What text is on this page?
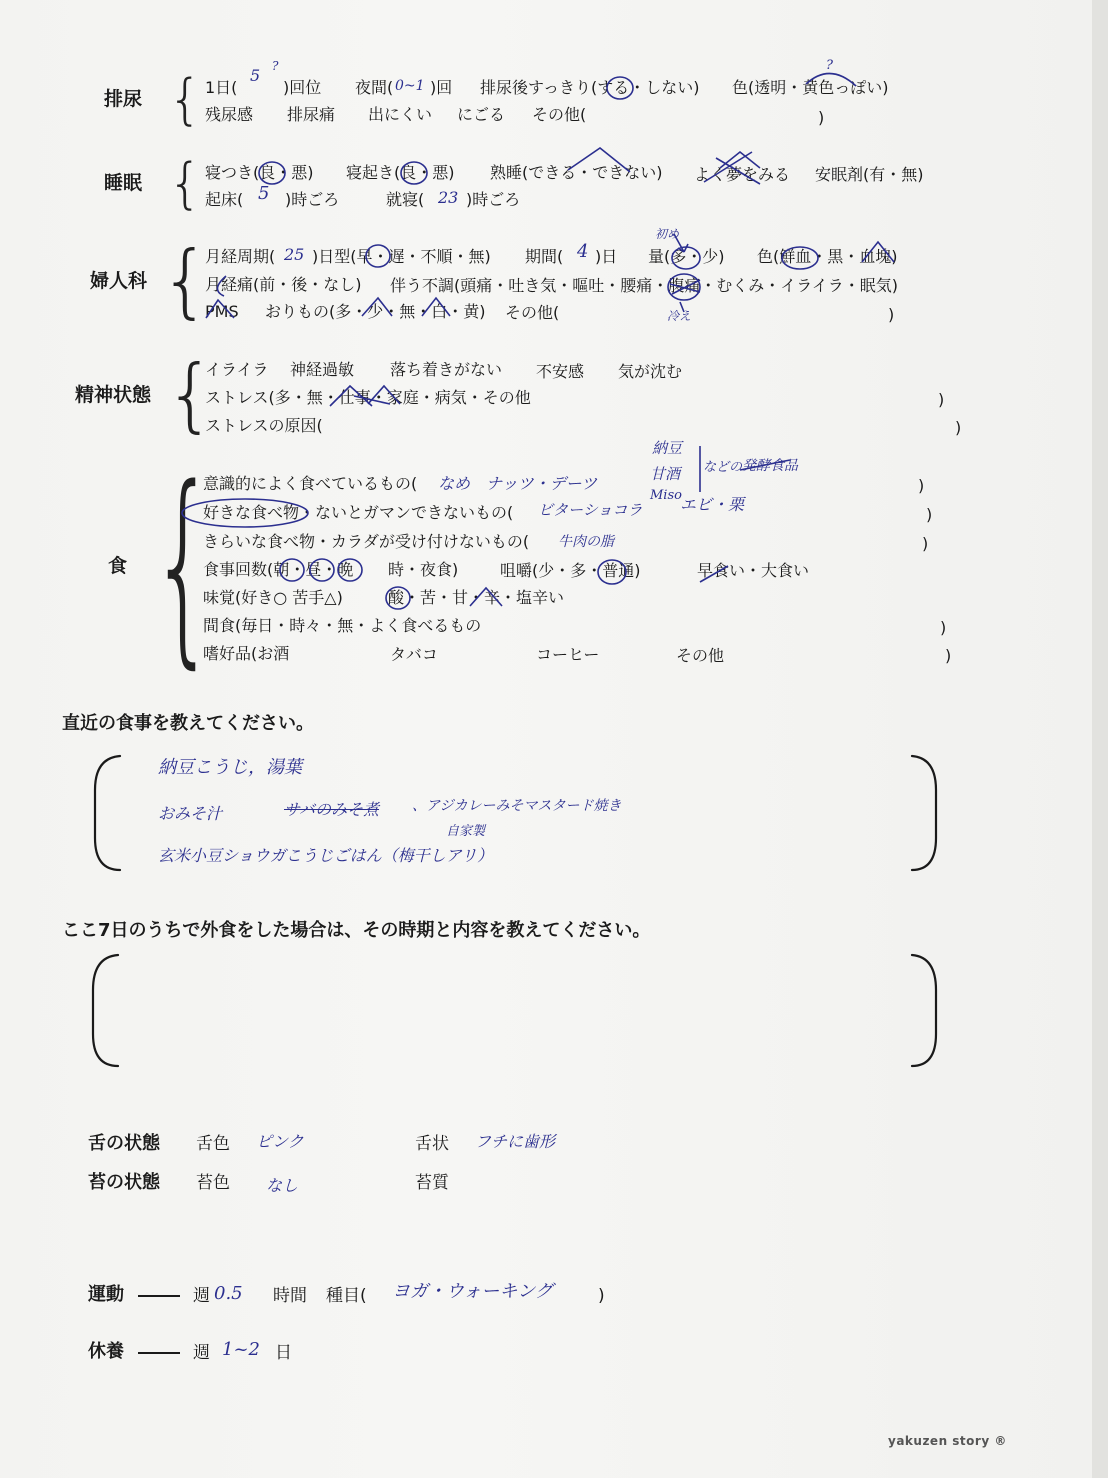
排尿 { 1日(
5 ?
)回位 夜間( 0~1 )回 排尿後すっきり(する・しない) 色(透明・黄色っぽい)
?
残尿感 排尿痛 出にくい にごる その他(	)
睡眠 { 寝つき(良・悪) 寝起き(良・悪) 熟睡(できる・できない) よく夢をみる 安眠剤(有・無)
起床( 5 )時ごろ	就寝( 23 )時ごろ
婦人科 {
月経周期( 25 )日型(早・遅・不順・無) 期間( 4 )日 量(多・少)
初め
色(鮮血・黒・血塊)
月経痛(前・後・なし) 伴う不調(頭痛・吐き気・嘔吐・腰痛・腹痛・むくみ・イライラ・眠気)
冷え
PMS おりもの(多・少・無・白・黄) その他(	)
精神状態 {
イライラ 神経過敏 落ち着きがない 不安感 気が沈む
ストレス(多・無・仕事・家庭・病気・その他	)
ストレスの原因(	)
食 {
意識的によく食べているもの( なめ　ナッツ・デーツ	)
納豆
甘酒
Miso
などの 発酵食品
好きな食べ物・ないとガマンできないもの( ビターショコラ エビ・栗
)
きらいな食べ物・カラダが受け付けないもの( 牛肉の脂	)
食事回数(朝・昼・晩 時・夜食)	咀嚼(少・多・普通)	早食い・大食い
味覚(好き○ 苦手△)	酸・苦・甘・辛・塩辛い
間食(毎日・時々・無・よく食べるもの	)
嗜好品(お酒	タバコ	コーヒー	その他	)
直近の食事を教えてください。
納豆こうじ，湯葉
おみそ汁　	サバのみそ煮 、アジカレーみそマスタード焼き
玄米小豆ショウガこうじごはん（梅干しアリ）
自家製
ここ7日のうちで外食をした場合は、その時期と内容を教えてください。
舌の状態 舌色 ピンク	舌状 フチに歯形
苔の状態 苔色 なし	苔質
運動	週 0.5 時間 種目( ヨガ・ウォーキング	)
休養	週 1~2 日
yakuzen story ®
